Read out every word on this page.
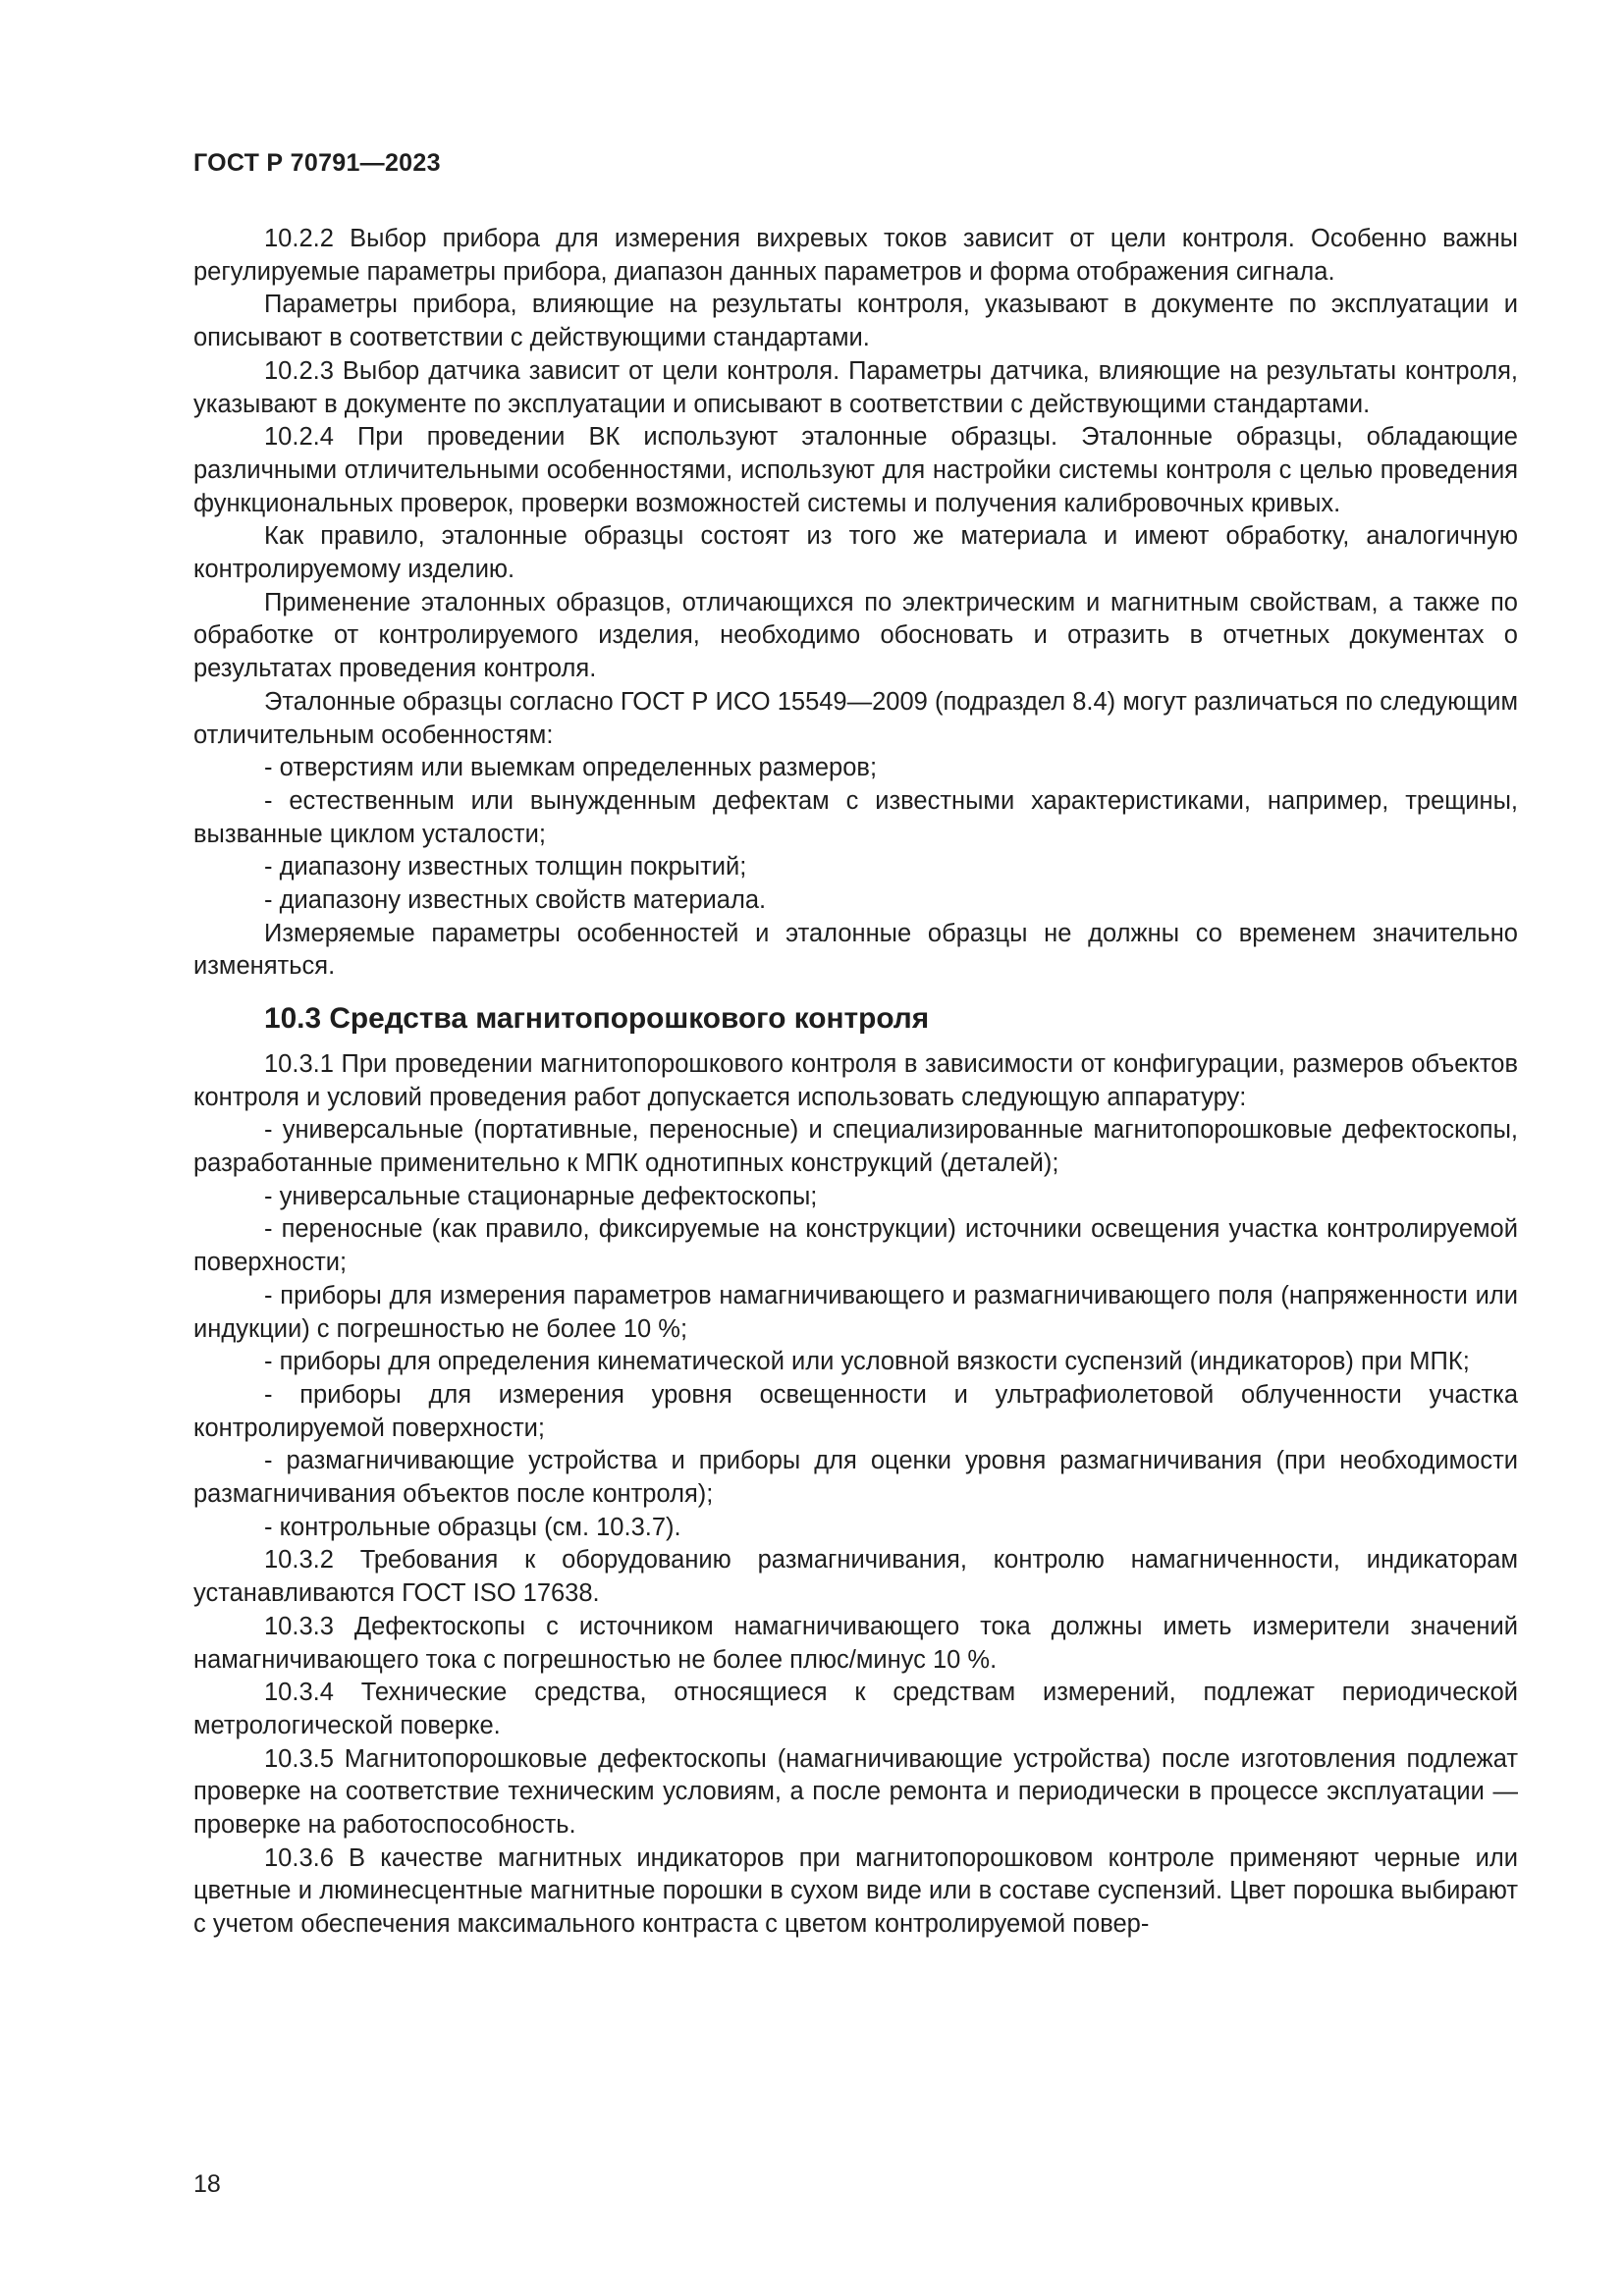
ГОСТ Р 70791—2023

10.2.2 Выбор прибора для измерения вихревых токов зависит от цели контроля. Особенно важны регулируемые параметры прибора, диапазон данных параметров и форма отображения сигнала.

Параметры прибора, влияющие на результаты контроля, указывают в документе по эксплуатации и описывают в соответствии с действующими стандартами.

10.2.3 Выбор датчика зависит от цели контроля. Параметры датчика, влияющие на результаты контроля, указывают в документе по эксплуатации и описывают в соответствии с действующими стандартами.

10.2.4 При проведении ВК используют эталонные образцы. Эталонные образцы, обладающие различными отличительными особенностями, используют для настройки системы контроля с целью проведения функциональных проверок, проверки возможностей системы и получения калибровочных кривых.

Как правило, эталонные образцы состоят из того же материала и имеют обработку, аналогичную контролируемому изделию.

Применение эталонных образцов, отличающихся по электрическим и магнитным свойствам, а также по обработке от контролируемого изделия, необходимо обосновать и отразить в отчетных документах о результатах проведения контроля.

Эталонные образцы согласно ГОСТ Р ИСО 15549—2009 (подраздел 8.4) могут различаться по следующим отличительным особенностям:

- отверстиям или выемкам определенных размеров;

- естественным или вынужденным дефектам с известными характеристиками, например, трещины, вызванные циклом усталости;

- диапазону известных толщин покрытий;

- диапазону известных свойств материала.

Измеряемые параметры особенностей и эталонные образцы не должны со временем значительно изменяться.

10.3 Средства магнитопорошкового контроля

10.3.1 При проведении магнитопорошкового контроля в зависимости от конфигурации, размеров объектов контроля и условий проведения работ допускается использовать следующую аппаратуру:

- универсальные (портативные, переносные) и специализированные магнитопорошковые дефектоскопы, разработанные применительно к МПК однотипных конструкций (деталей);

- универсальные стационарные дефектоскопы;

- переносные (как правило, фиксируемые на конструкции) источники освещения участка контролируемой поверхности;

- приборы для измерения параметров намагничивающего и размагничивающего поля (напряженности или индукции) с погрешностью не более 10 %;

- приборы для определения кинематической или условной вязкости суспензий (индикаторов) при МПК;

- приборы для измерения уровня освещенности и ультрафиолетовой облученности участка контролируемой поверхности;

- размагничивающие устройства и приборы для оценки уровня размагничивания (при необходимости размагничивания объектов после контроля);

- контрольные образцы (см. 10.3.7).

10.3.2 Требования к оборудованию размагничивания, контролю намагниченности, индикаторам устанавливаются ГОСТ ISO 17638.

10.3.3 Дефектоскопы с источником намагничивающего тока должны иметь измерители значений намагничивающего тока с погрешностью не более плюс/минус 10 %.

10.3.4 Технические средства, относящиеся к средствам измерений, подлежат периодической метрологической поверке.

10.3.5 Магнитопорошковые дефектоскопы (намагничивающие устройства) после изготовления подлежат проверке на соответствие техническим условиям, а после ремонта и периодически в процессе эксплуатации — проверке на работоспособность.

10.3.6 В качестве магнитных индикаторов при магнитопорошковом контроле применяют черные или цветные и люминесцентные магнитные порошки в сухом виде или в составе суспензий. Цвет порошка выбирают с учетом обеспечения максимального контраста с цветом контролируемой повер-

18
